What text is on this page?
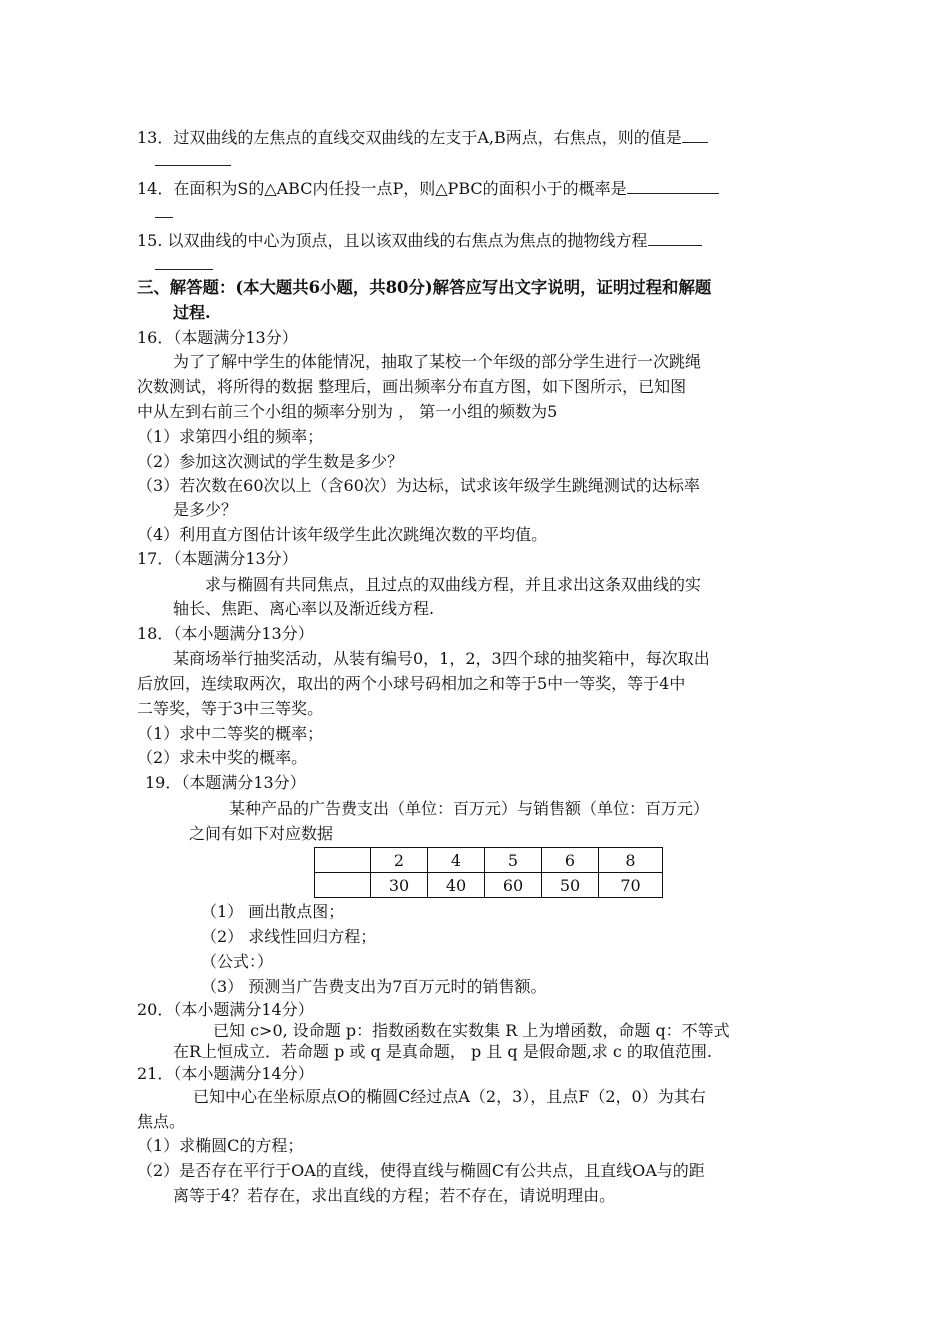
13．过双曲线的左焦点的直线交双曲线的左支于A,B两点，右焦点，则的值是
14．在面积为S的△ABC内任投一点P，则△PBC的面积小于的概率是
15. 以双曲线的中心为顶点，且以该双曲线的右焦点为焦点的抛物线方程
三、解答题：(本大题共6小题，共80分)解答应写出文字说明，证明过程和解题
过程.
16．（本题满分13分）
为了了解中学生的体能情况，抽取了某校一个年级的部分学生进行一次跳绳
次数测试，将所得的数据 整理后，画出频率分布直方图，如下图所示，已知图
中从左到右前三个小组的频率分别为 ， 第一小组的频数为5
（1）求第四小组的频率；
（2）参加这次测试的学生数是多少？
（3）若次数在60次以上（含60次）为达标，试求该年级学生跳绳测试的达标率
是多少？
（4）利用直方图估计该年级学生此次跳绳次数的平均值。
17．（本题满分13分）
求与椭圆有共同焦点，且过点的双曲线方程，并且求出这条双曲线的实
轴长、焦距、离心率以及渐近线方程.
18．（本小题满分13分）
某商场举行抽奖活动，从装有编号0，1，2，3四个球的抽奖箱中，每次取出
后放回，连续取两次，取出的两个小球号码相加之和等于5中一等奖，等于4中
二等奖，等于3中三等奖。
（1）求中二等奖的概率；
（2）求未中奖的概率。
19．（本题满分13分）
某种产品的广告费支出（单位：百万元）与销售额（单位：百万元）
之间有如下对应数据
	2	4	5	6	8
	30	40	60	50	70
（1） 画出散点图；
（2） 求线性回归方程；
（公式：）
（3） 预测当广告费支出为7百万元时的销售额。
20．（本小题满分14分）
已知 c>0, 设命题 p：指数函数在实数集 R 上为增函数，命题 q：不等式
在R上恒成立．若命题 p 或 q 是真命题， p 且 q 是假命题,求 c 的取值范围.
21．（本小题满分14分）
已知中心在坐标原点O的椭圆C经过点A（2，3），且点F（2，0）为其右
焦点。
（1）求椭圆C的方程；
（2）是否存在平行于OA的直线，使得直线与椭圆C有公共点，且直线OA与的距
离等于4？若存在，求出直线的方程；若不存在，请说明理由。
